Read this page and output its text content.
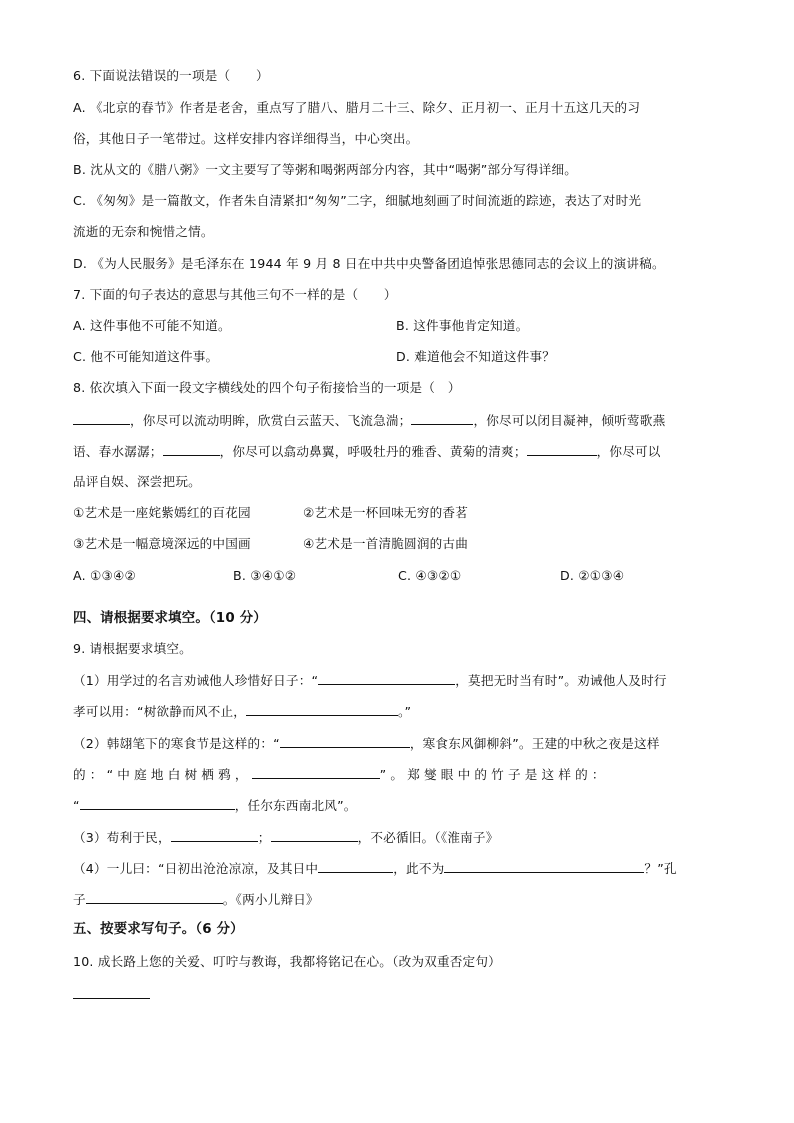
6. 下面说法错误的一项是（　　）
A. 《北京的春节》作者是老舍，重点写了腊八、腊月二十三、除夕、正月初一、正月十五这几天的习
俗，其他日子一笔带过。这样安排内容详细得当，中心突出。
B. 沈从文的《腊八粥》一文主要写了等粥和喝粥两部分内容，其中“喝粥”部分写得详细。
C. 《匆匆》是一篇散文，作者朱自清紧扣“匆匆”二字，细腻地刻画了时间流逝的踪迹，表达了对时光
流逝的无奈和惋惜之情。
D. 《为人民服务》是毛泽东在 1944 年 9 月 8 日在中共中央警备团追悼张思德同志的会议上的演讲稿。
7. 下面的句子表达的意思与其他三句不一样的是（　　）
A. 这件事他不可能不知道。	B. 这件事他肯定知道。
C. 他不可能知道这件事。	D. 难道他会不知道这件事？
8. 依次填入下面一段文字横线处的四个句子衔接恰当的一项是（　）
，你尽可以流动明眸，欣赏白云蓝天、飞流急湍；	，你尽可以闭目凝神，倾听莺歌燕
语、春水潺潺；	，你尽可以翕动鼻翼，呼吸牡丹的雅香、黄菊的清爽；	，你尽可以
品评自娱、深尝把玩。
①艺术是一座姹紫嫣红的百花园	②艺术是一杯回味无穷的香茗
③艺术是一幅意境深远的中国画	④艺术是一首清脆圆润的古曲
A. ①③④②	B. ③④①②	C. ④③②①	D. ②①③④
四、请根据要求填空。（10 分）
9. 请根据要求填空。
（1）用学过的名言劝诫他人珍惜好日子：“	，莫把无时当有时”。劝诫他人及时行
孝可以用：“树欲静而风不止，	。”
（2）韩翃笔下的寒食节是这样的：“	，寒食东风御柳斜”。王建的中秋之夜是这样
的：“中庭地白树栖鸦，	”。郑燮眼中的竹子是这样的：
“	，任尔东西南北风”。
（3）苟利于民，	；	，不必循旧。（《淮南子》
（4）一儿曰：“日初出沧沧凉凉，及其日中	，此不为	？”孔
子	。《两小儿辩日》
五、按要求写句子。（6 分）
10. 成长路上您的关爱、叮咛与教诲，我都将铭记在心。（改为双重否定句）
